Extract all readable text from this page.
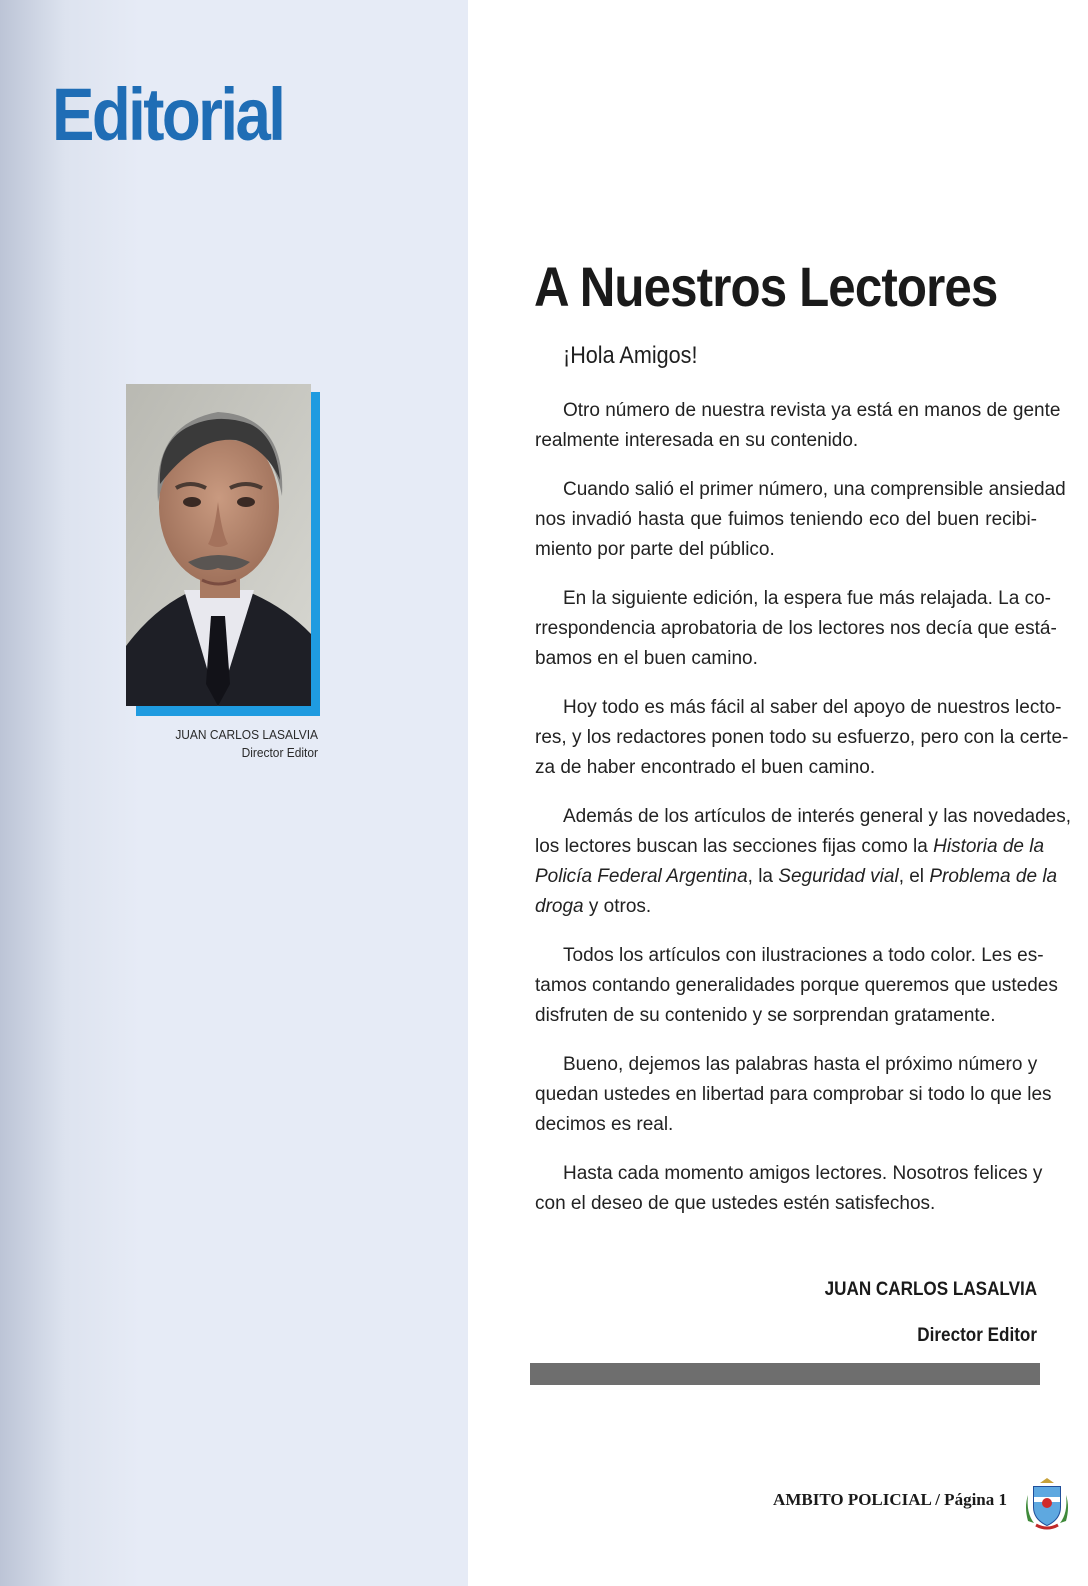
Editorial
JUAN CARLOS LASALVIA
Director Editor
A Nuestros Lectores
¡Hola Amigos!

Otro número de nuestra revista ya está en manos de gente
realmente interesada en su contenido.

Cuando salió el primer número, una comprensible ansiedad
nos invadió hasta que fuimos teniendo eco del buen recibi-
miento por parte del público.

En la siguiente edición, la espera fue más relajada. La co-
rrespondencia aprobatoria de los lectores nos decía que está-
bamos en el buen camino.

Hoy todo es más fácil al saber del apoyo de nuestros lecto-
res, y los redactores ponen todo su esfuerzo, pero con la certe-
za de haber encontrado el buen camino.

Además de los artículos de interés general y las novedades,
los lectores buscan las secciones fijas como la Historia de la
Policía Federal Argentina, la Seguridad vial, el Problema de la
droga y otros.

Todos los artículos con ilustraciones a todo color. Les es-
tamos contando generalidades porque queremos que ustedes
disfruten de su contenido y se sorprendan gratamente.

Bueno, dejemos las palabras hasta el próximo número y
quedan ustedes en libertad para comprobar si todo lo que les
decimos es real.

Hasta cada momento amigos lectores. Nosotros felices y
con el deseo de que ustedes estén satisfechos.

JUAN CARLOS LASALVIA
Director Editor
AMBITO POLICIAL / Página 1
